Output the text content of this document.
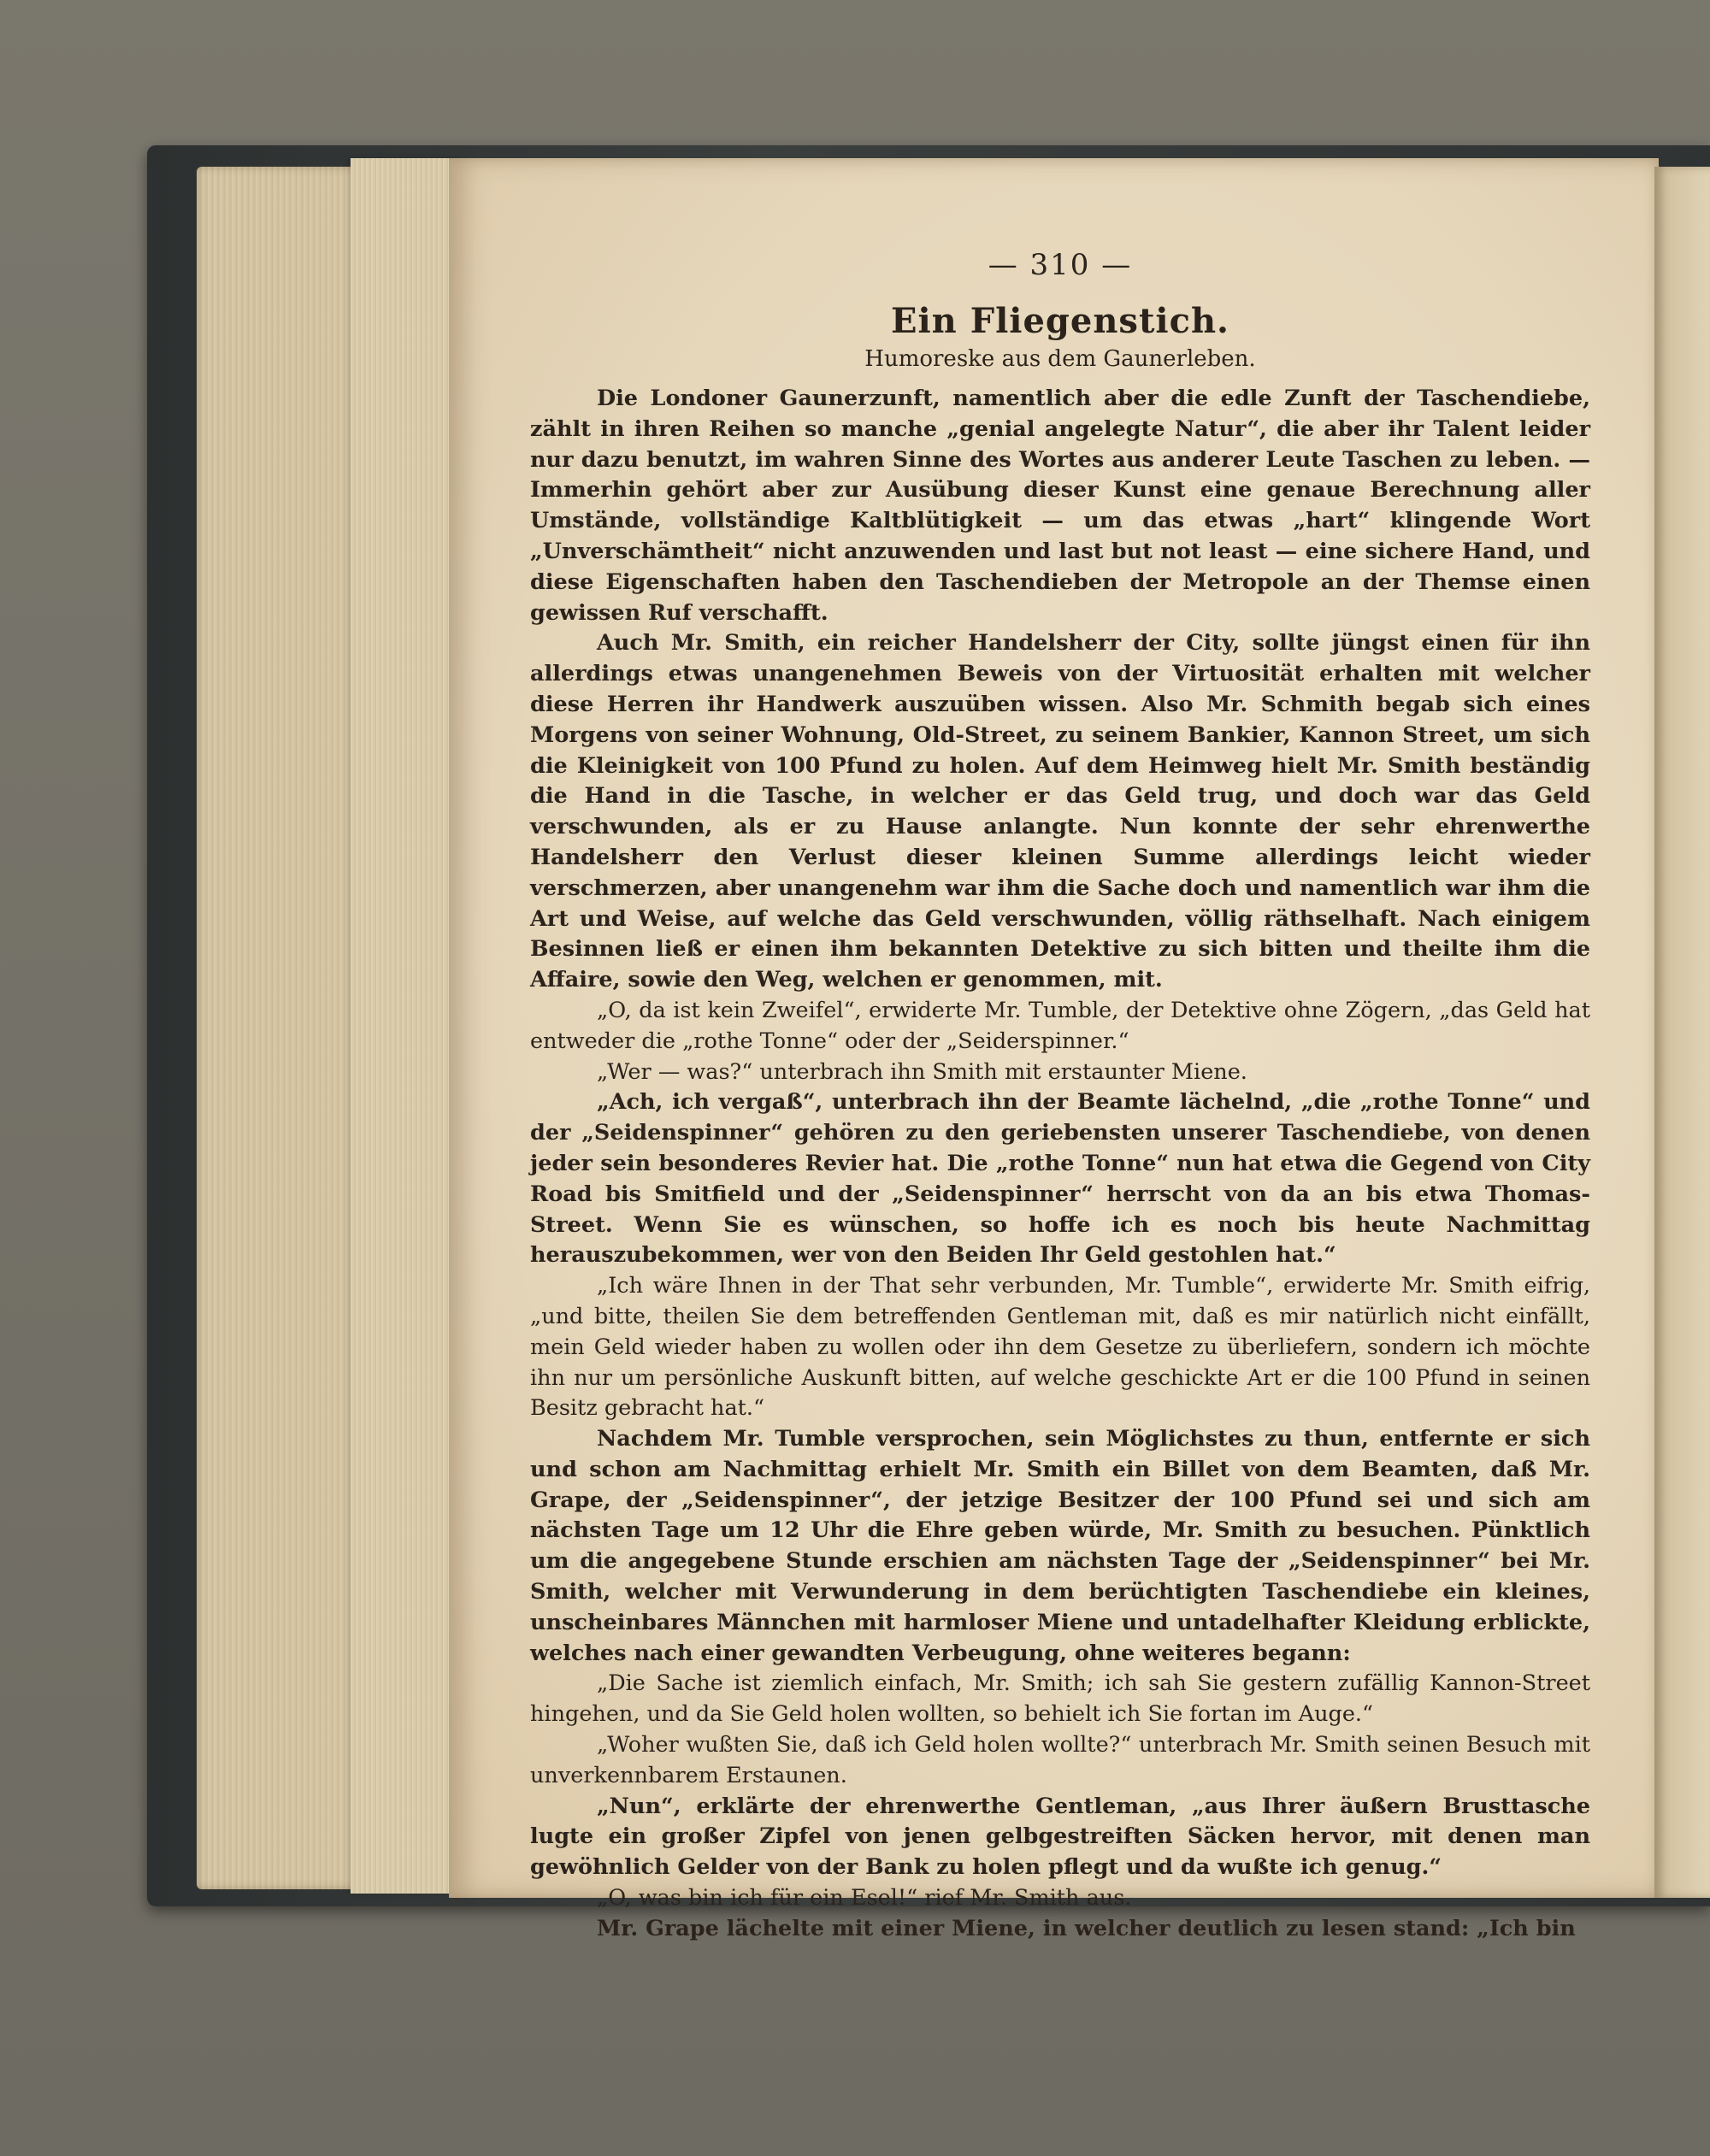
— 310 —
Ein Fliegenstich.
Humoreske aus dem Gaunerleben.

Die Londoner Gaunerzunft, namentlich aber die edle Zunft der Taschendiebe, zählt in ihren Reihen so manche „genial angelegte Natur“, die aber ihr Talent leider nur dazu benutzt, im wahren Sinne des Wortes aus anderer Leute Taschen zu leben. — Immerhin gehört aber zur Ausübung dieser Kunst eine genaue Berechnung aller Umstände, vollständige Kaltblütigkeit — um das etwas „hart“ klingende Wort „Unverschämtheit“ nicht anzuwenden und last but not least — eine sichere Hand, und diese Eigenschaften haben den Taschendieben der Metropole an der Themse einen gewissen Ruf verschafft.

Auch Mr. Smith, ein reicher Handelsherr der City, sollte jüngst einen für ihn allerdings etwas unangenehmen Beweis von der Virtuosität erhalten mit welcher diese Herren ihr Handwerk auszuüben wissen. Also Mr. Schmith begab sich eines Morgens von seiner Wohnung, Old-Street, zu seinem Bankier, Kannon Street, um sich die Kleinigkeit von 100 Pfund zu holen. Auf dem Heimweg hielt Mr. Smith beständig die Hand in die Tasche, in welcher er das Geld trug, und doch war das Geld verschwunden, als er zu Hause anlangte. Nun konnte der sehr ehrenwerthe Handelsherr den Verlust dieser kleinen Summe allerdings leicht wieder verschmerzen, aber unangenehm war ihm die Sache doch und namentlich war ihm die Art und Weise, auf welche das Geld verschwunden, völlig räthselhaft. Nach einigem Besinnen ließ er einen ihm bekannten Detektive zu sich bitten und theilte ihm die Affaire, sowie den Weg, welchen er genommen, mit.

„O, da ist kein Zweifel“, erwiderte Mr. Tumble, der Detektive ohne Zögern, „das Geld hat entweder die „rothe Tonne“ oder der „Seiderspinner.“

„Wer — was?“ unterbrach ihn Smith mit erstaunter Miene.

„Ach, ich vergaß“, unterbrach ihn der Beamte lächelnd, „die „rothe Tonne“ und der „Seidenspinner“ gehören zu den geriebensten unserer Taschendiebe, von denen jeder sein besonderes Revier hat. Die „rothe Tonne“ nun hat etwa die Gegend von City Road bis Smitfield und der „Seidenspinner“ herrscht von da an bis etwa Thomas-Street. Wenn Sie es wünschen, so hoffe ich es noch bis heute Nachmittag herauszubekommen, wer von den Beiden Ihr Geld gestohlen hat.“

„Ich wäre Ihnen in der That sehr verbunden, Mr. Tumble“, erwiderte Mr. Smith eifrig, „und bitte, theilen Sie dem betreffenden Gentleman mit, daß es mir natürlich nicht einfällt, mein Geld wieder haben zu wollen oder ihn dem Gesetze zu überliefern, sondern ich möchte ihn nur um persönliche Auskunft bitten, auf welche geschickte Art er die 100 Pfund in seinen Besitz gebracht hat.“

Nachdem Mr. Tumble versprochen, sein Möglichstes zu thun, entfernte er sich und schon am Nachmittag erhielt Mr. Smith ein Billet von dem Beamten, daß Mr. Grape, der „Seidenspinner“, der jetzige Besitzer der 100 Pfund sei und sich am nächsten Tage um 12 Uhr die Ehre geben würde, Mr. Smith zu besuchen. Pünktlich um die angegebene Stunde erschien am nächsten Tage der „Seidenspinner“ bei Mr. Smith, welcher mit Verwunderung in dem berüchtigten Taschendiebe ein kleines, unscheinbares Männchen mit harmloser Miene und untadelhafter Kleidung erblickte, welches nach einer gewandten Verbeugung, ohne weiteres begann:

„Die Sache ist ziemlich einfach, Mr. Smith; ich sah Sie gestern zufällig Kannon-Street hingehen, und da Sie Geld holen wollten, so behielt ich Sie fortan im Auge.“

„Woher wußten Sie, daß ich Geld holen wollte?“ unterbrach Mr. Smith seinen Besuch mit unverkennbarem Erstaunen.

„Nun“, erklärte der ehrenwerthe Gentleman, „aus Ihrer äußern Brusttasche lugte ein großer Zipfel von jenen gelbgestreiften Säcken hervor, mit denen man gewöhnlich Gelder von der Bank zu holen pflegt und da wußte ich genug.“

„O, was bin ich für ein Esel!“ rief Mr. Smith aus.

Mr. Grape lächelte mit einer Miene, in welcher deutlich zu lesen stand: „Ich bin
